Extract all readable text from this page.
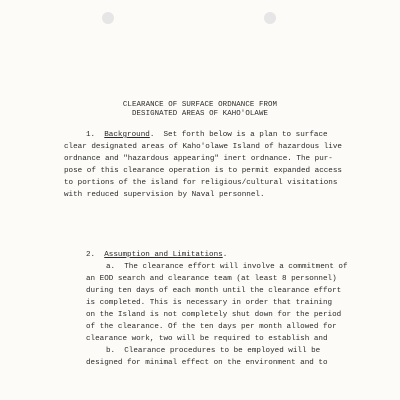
CLEARANCE OF SURFACE ORDNANCE FROM
DESIGNATED AREAS OF KAHO'OLAWE
1. Background.  Set forth below is a plan to surface
clear designated areas of Kaho'olawe Island of hazardous live
ordnance and "hazardous appearing" inert ordnance. The pur-
pose of this clearance operation is to permit expanded access
to portions of the island for religious/cultural visitations
with reduced supervision by Naval personnel.
2. Assumption and Limitations.
a. The clearance effort will involve a commitment of
an EOD search and clearance team (at least 8 personnel)
during ten days of each month until the clearance effort
is completed. This is necessary in order that training
on the Island is not completely shut down for the period
of the clearance. Of the ten days per month allowed for
clearance work, two will be required to establish and
b. Clearance procedures to be employed will be
designed for minimal effect on the environment and to
